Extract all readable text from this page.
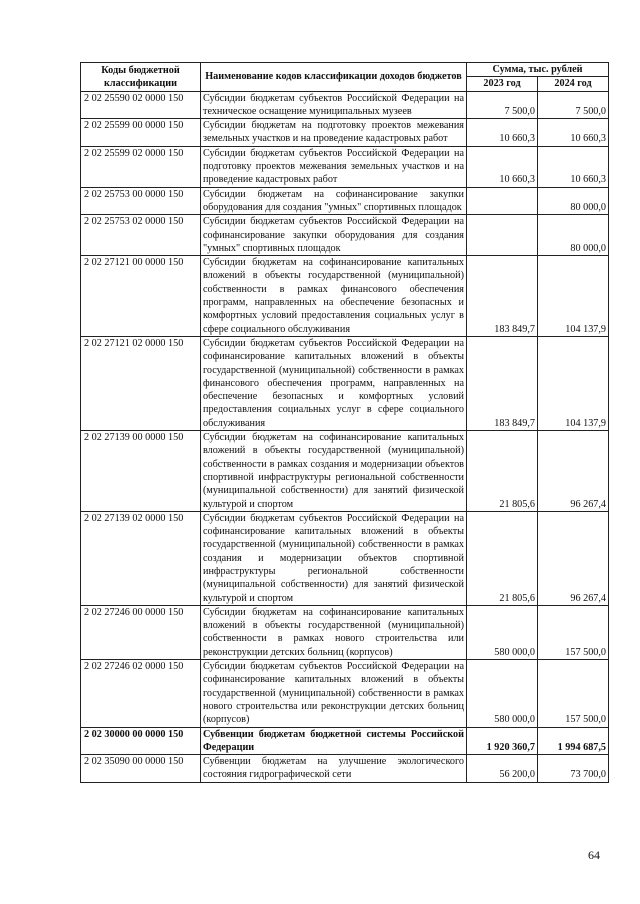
Коды бюджетной классификации	Наименование кодов классификации доходов бюджетов	Сумма, тыс. рублей	
		2023 год	2024 год
2 02 25590 02 0000 150	Субсидии бюджетам субъектов Российской Федерации на техническое оснащение муниципальных музеев	7 500,0	7 500,0
2 02 25599 00 0000 150	Субсидии бюджетам на подготовку проектов межевания земельных участков и на проведение кадастровых работ	10 660,3	10 660,3
2 02 25599 02 0000 150	Субсидии бюджетам субъектов Российской Федерации на подготовку проектов межевания земельных участков и на проведение кадастровых работ	10 660,3	10 660,3
2 02 25753 00 0000 150	Субсидии бюджетам на софинансирование закупки оборудования для создания "умных" спортивных площадок		80 000,0
2 02 25753 02 0000 150	Субсидии бюджетам субъектов Российской Федерации на софинансирование закупки оборудования для создания "умных" спортивных площадок		80 000,0
2 02 27121 00 0000 150	Субсидии бюджетам на софинансирование капитальных вложений в объекты государственной (муниципальной) собственности в рамках финансового обеспечения программ, направленных на обеспечение безопасных и комфортных условий предоставления социальных услуг в сфере социального обслуживания	183 849,7	104 137,9
2 02 27121 02 0000 150	Субсидии бюджетам субъектов Российской Федерации на софинансирование капитальных вложений в объекты государственной (муниципальной) собственности в рамках финансового обеспечения программ, направленных на обеспечение безопасных и комфортных условий предоставления социальных услуг в сфере социального обслуживания	183 849,7	104 137,9
2 02 27139 00 0000 150	Субсидии бюджетам на софинансирование капитальных вложений в объекты государственной (муниципальной) собственности в рамках создания и модернизации объектов спортивной инфраструктуры региональной собственности (муниципальной собственности) для занятий физической культурой и спортом	21 805,6	96 267,4
2 02 27139 02 0000 150	Субсидии бюджетам субъектов Российской Федерации на софинансирование капитальных вложений в объекты государственной (муниципальной) собственности в рамках создания и модернизации объектов спортивной инфраструктуры региональной собственности (муниципальной собственности) для занятий физической культурой и спортом	21 805,6	96 267,4
2 02 27246 00 0000 150	Субсидии бюджетам на софинансирование капитальных вложений в объекты государственной (муниципальной) собственности в рамках нового строительства или реконструкции детских больниц (корпусов)	580 000,0	157 500,0
2 02 27246 02 0000 150	Субсидии бюджетам субъектов Российской Федерации на софинансирование капитальных вложений в объекты государственной (муниципальной) собственности в рамках нового строительства или реконструкции детских больниц (корпусов)	580 000,0	157 500,0
2 02 30000 00 0000 150	Субвенции бюджетам бюджетной системы Российской Федерации	1 920 360,7	1 994 687,5
2 02 35090 00 0000 150	Субвенции бюджетам на улучшение экологического состояния гидрографической сети	56 200,0	73 700,0
64
